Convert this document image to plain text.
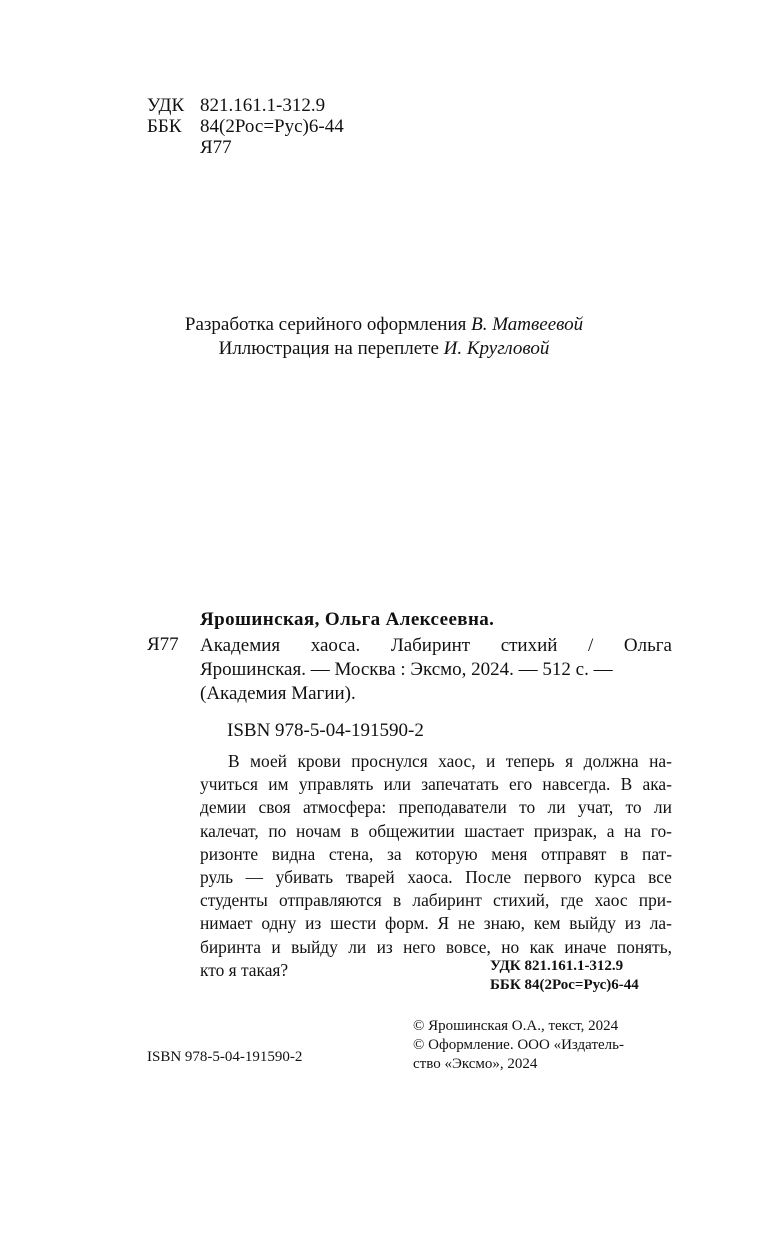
УДК 821.161.1-312.9
ББК 84(2Рос=Рус)6-44
Я77
Разработка серийного оформления В. Матвеевой
Иллюстрация на переплете И. Кругловой
Ярошинская, Ольга Алексеевна.
Я77 Академия хаоса. Лабиринт стихий / Ольга
Ярошинская. — Москва : Эксмо, 2024. — 512 с. —
(Академия Магии).
ISBN 978-5-04-191590-2
В моей крови проснулся хаос, и теперь я должна на-
учиться им управлять или запечатать его навсегда. В ака-
демии своя атмосфера: преподаватели то ли учат, то ли
калечат, по ночам в общежитии шастает призрак, а на го-
ризонте видна стена, за которую меня отправят в пат-
руль — убивать тварей хаоса. После первого курса все
студенты отправляются в лабиринт стихий, где хаос при-
нимает одну из шести форм. Я не знаю, кем выйду из ла-
биринта и выйду ли из него вовсе, но как иначе понять,
кто я такая?	УДК 821.161.1-312.9
ББК 84(2Рос=Рус)6-44
© Ярошинская О.А., текст, 2024
© Оформление. ООО «Издатель-
ство «Эксмо», 2024
ISBN 978-5-04-191590-2
